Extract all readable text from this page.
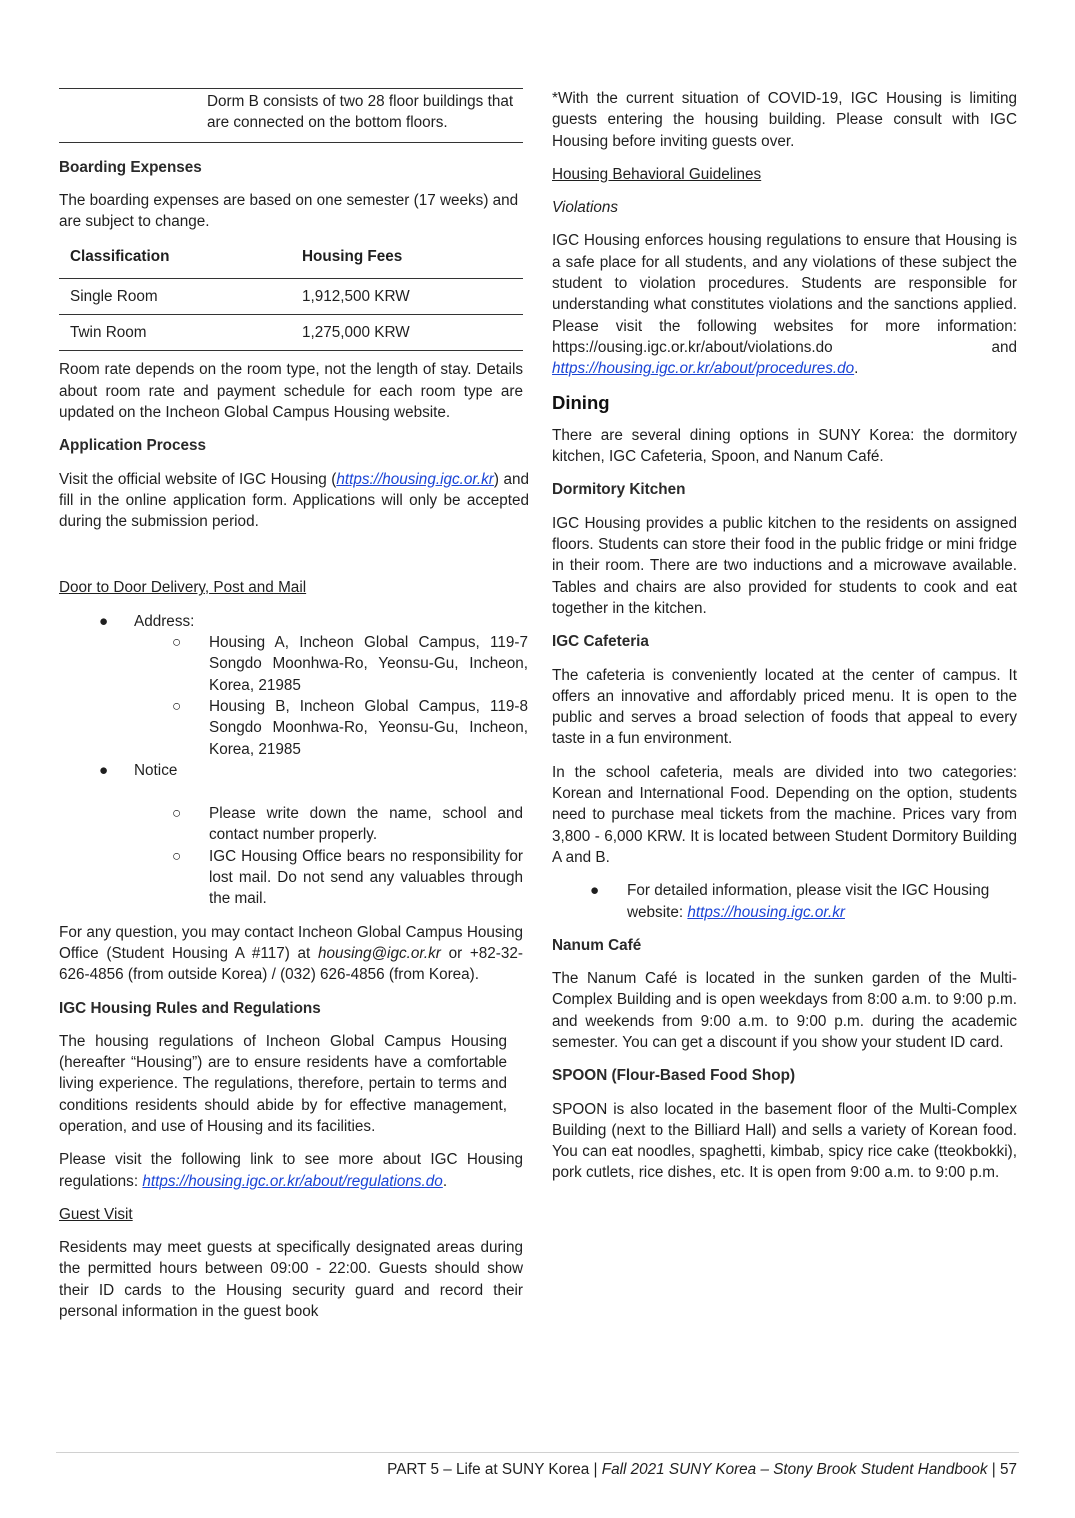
Dorm B consists of two 28 floor buildings that are connected on the bottom floors.
Boarding Expenses

The boarding expenses are based on one semester (17 weeks) and are subject to change.

Classification	Housing Fees
Single Room	1,912,500 KRW
Twin Room	1,275,000 KRW

Room rate depends on the room type, not the length of stay. Details about room rate and payment schedule for each room type are updated on the Incheon Global Campus Housing website.

Application Process

Visit the official website of IGC Housing (https://housing.igc.or.kr) and fill in the online application form. Applications will only be accepted during the submission period.

Door to Door Delivery, Post and Mail
● Address:
○ Housing A, Incheon Global Campus, 119-7 Songdo Moonhwa-Ro, Yeonsu-Gu, Incheon, Korea, 21985
○ Housing B, Incheon Global Campus, 119-8 Songdo Moonhwa-Ro, Yeonsu-Gu, Incheon, Korea, 21985
● Notice
○ Please write down the name, school and contact number properly.
○ IGC Housing Office bears no responsibility for lost mail. Do not send any valuables through the mail.

For any question, you may contact Incheon Global Campus Housing Office (Student Housing A #117) at housing@igc.or.kr or +82-32-626-4856 (from outside Korea) / (032) 626-4856 (from Korea).

IGC Housing Rules and Regulations

The housing regulations of Incheon Global Campus Housing (hereafter “Housing”) are to ensure residents have a comfortable living experience. The regulations, therefore, pertain to terms and conditions residents should abide by for effective management, operation, and use of Housing and its facilities.

Please visit the following link to see more about IGC Housing regulations: https://housing.igc.or.kr/about/regulations.do.

Guest Visit

Residents may meet guests at specifically designated areas during the permitted hours between 09:00 - 22:00. Guests should show their ID cards to the Housing security guard and record their personal information in the guest book

*With the current situation of COVID-19, IGC Housing is limiting guests entering the housing building. Please consult with IGC Housing before inviting guests over.

Housing Behavioral Guidelines
Violations

IGC Housing enforces housing regulations to ensure that Housing is a safe place for all students, and any violations of these subject the student to violation procedures. Students are responsible for understanding what constitutes violations and the sanctions applied. Please visit the following websites for more information: https://ousing.igc.or.kr/about/violations.do and https://housing.igc.or.kr/about/procedures.do.

Dining

There are several dining options in SUNY Korea: the dormitory kitchen, IGC Cafeteria, Spoon, and Nanum Café.

Dormitory Kitchen

IGC Housing provides a public kitchen to the residents on assigned floors. Students can store their food in the public fridge or mini fridge in their room. There are two inductions and a microwave available. Tables and chairs are also provided for students to cook and eat together in the kitchen.

IGC Cafeteria

The cafeteria is conveniently located at the center of campus. It offers an innovative and affordably priced menu. It is open to the public and serves a broad selection of foods that appeal to every taste in a fun environment.

In the school cafeteria, meals are divided into two categories: Korean and International Food. Depending on the option, students need to purchase meal tickets from the machine. Prices vary from 3,800 - 6,000 KRW. It is located between Student Dormitory Building A and B.

● For detailed information, please visit the IGC Housing website: https://housing.igc.or.kr
Nanum Café

The Nanum Café is located in the sunken garden of the Multi-Complex Building and is open weekdays from 8:00 a.m. to 9:00 p.m. and weekends from 9:00 a.m. to 9:00 p.m. during the academic semester. You can get a discount if you show your student ID card.

SPOON (Flour-Based Food Shop)

SPOON is also located in the basement floor of the Multi-Complex Building (next to the Billiard Hall) and sells a variety of Korean food. You can eat noodles, spaghetti, kimbab, spicy rice cake (tteokbokki), pork cutlets, rice dishes, etc. It is open from 9:00 a.m. to 9:00 p.m.

PART 5 – Life at SUNY Korea | Fall 2021 SUNY Korea – Stony Brook Student Handbook | 57
